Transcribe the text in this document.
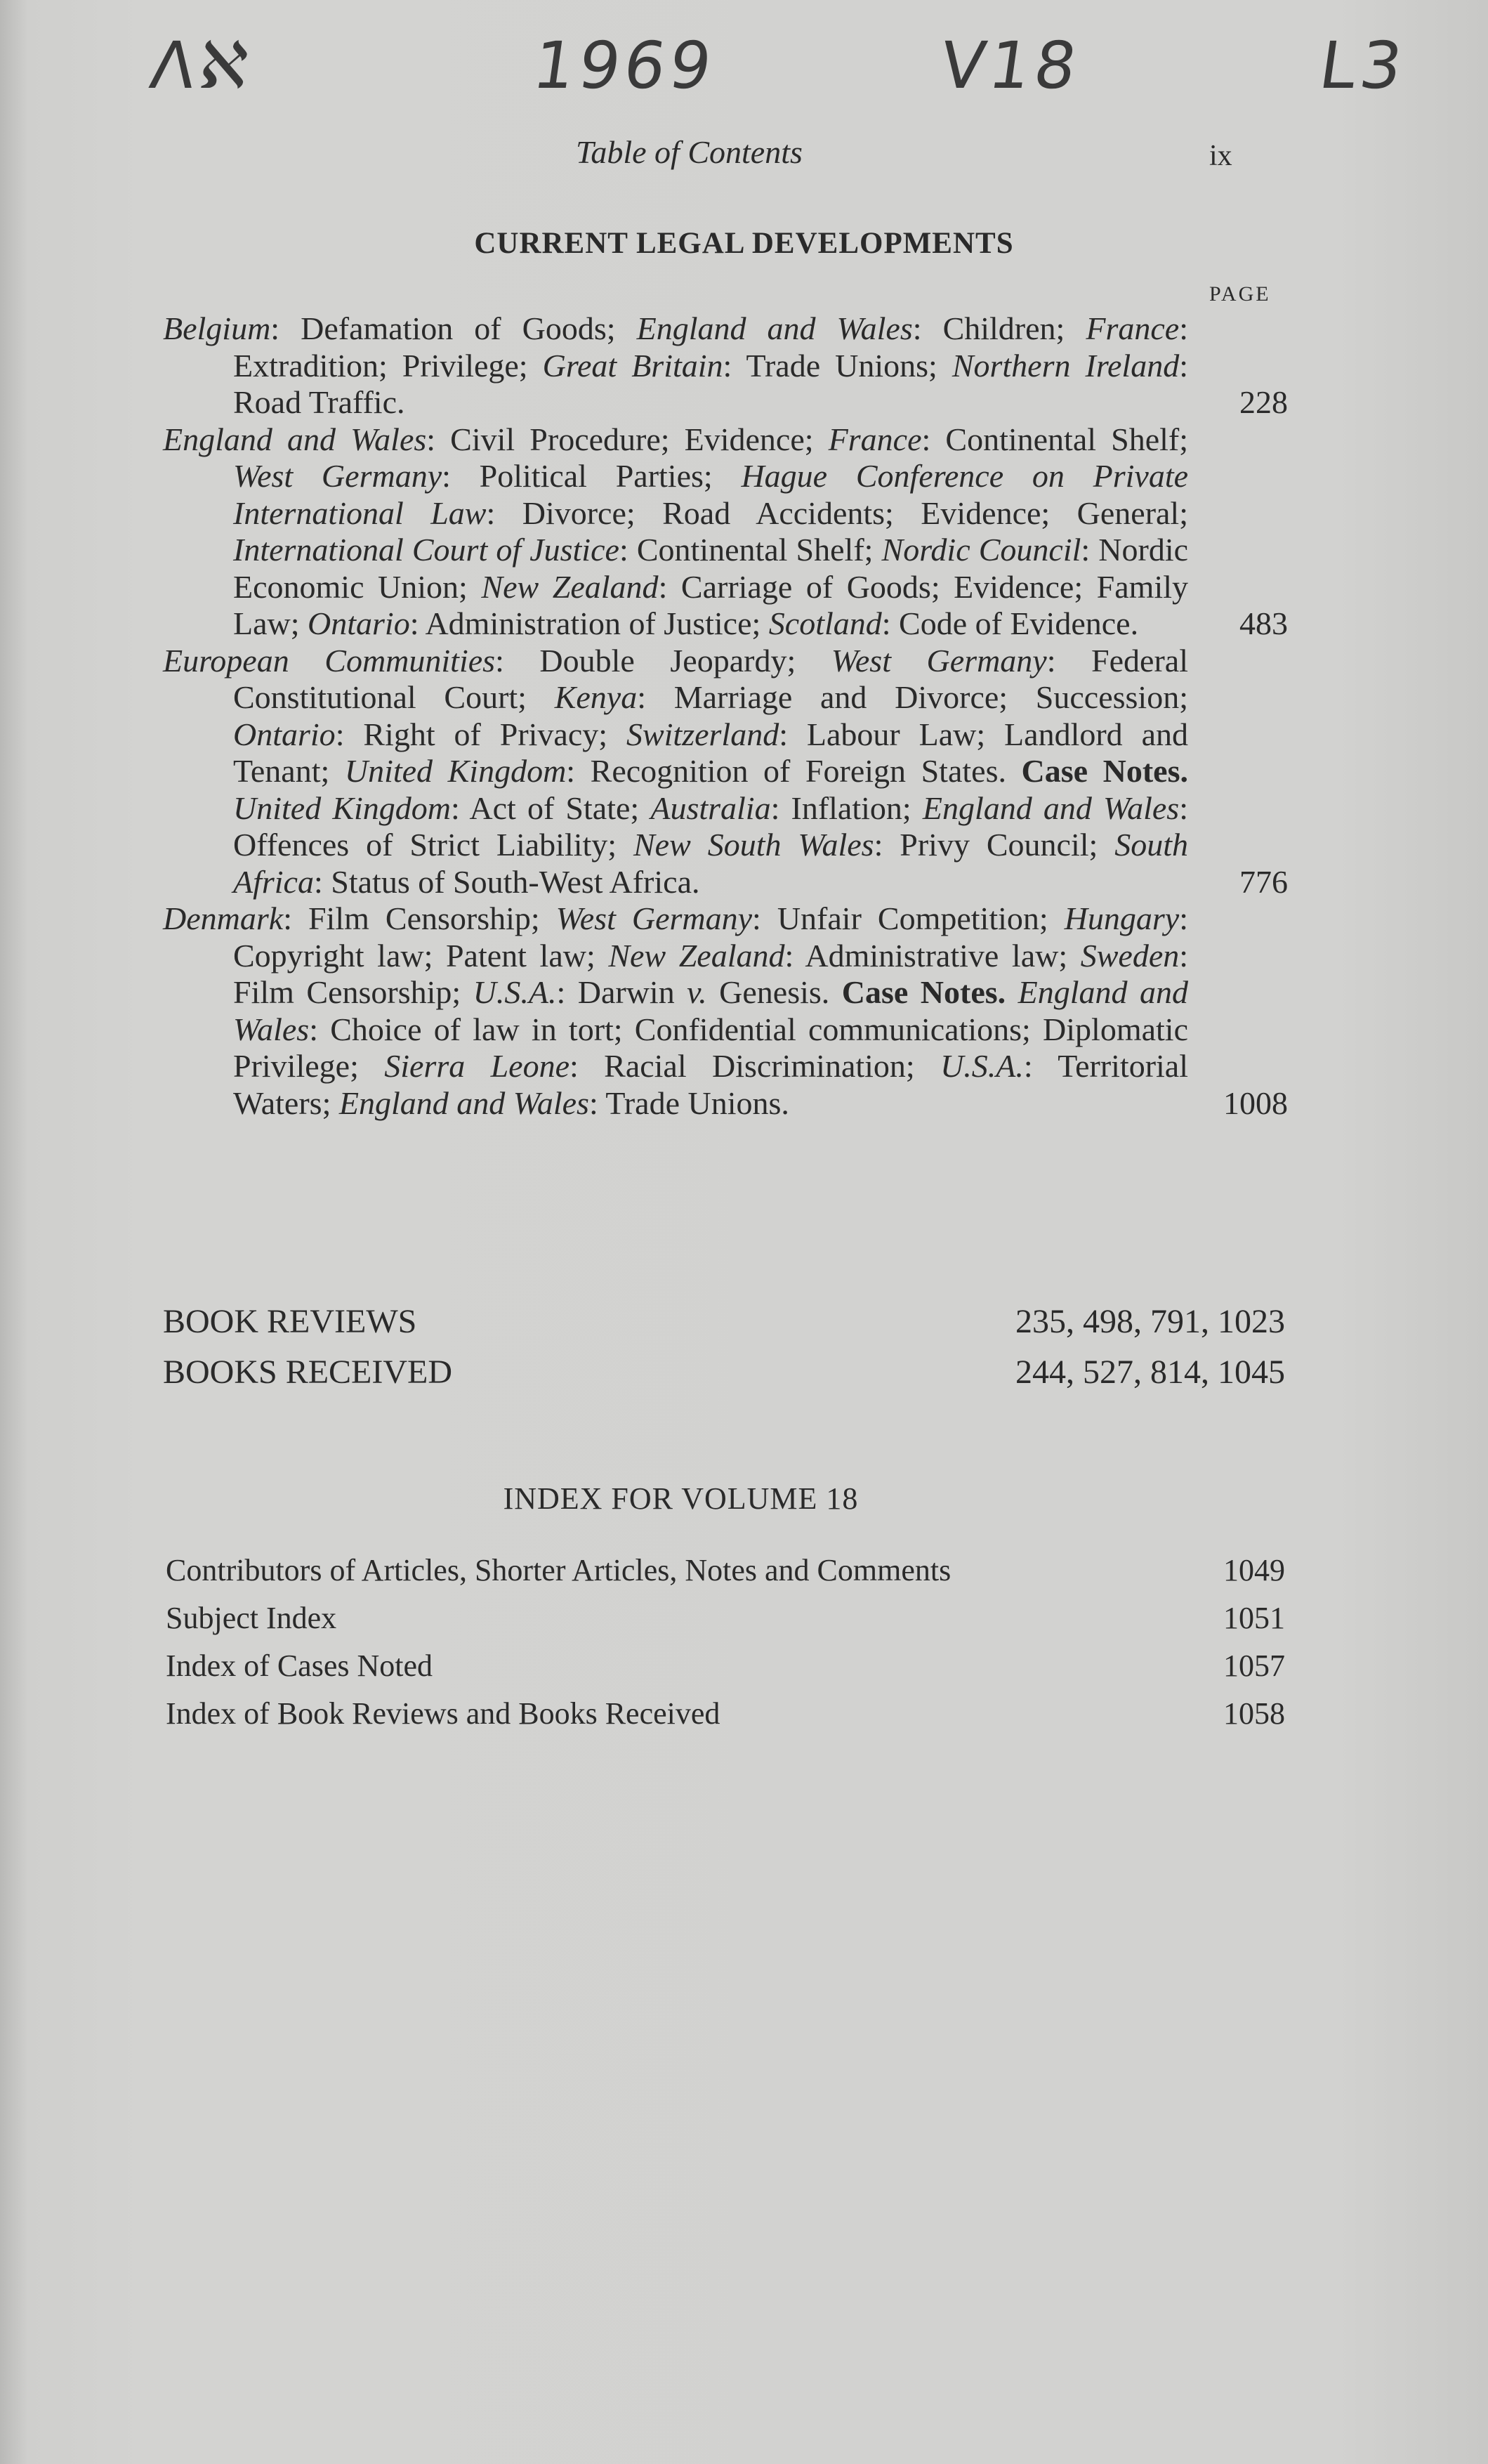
Λℵ	1969	V18	L3
Table of Contents	ix
CURRENT LEGAL DEVELOPMENTS
PAGE
Belgium: Defamation of Goods; England and Wales: Children; France: Extradition; Privilege; Great Britain: Trade Unions; Northern Ireland: Road Traffic.	228
England and Wales: Civil Procedure; Evidence; France: Continental Shelf; West Germany: Political Parties; Hague Conference on Private International Law: Divorce; Road Accidents; Evidence; General; International Court of Justice: Continental Shelf; Nordic Council: Nordic Economic Union; New Zealand: Carriage of Goods; Evidence; Family Law; Ontario: Administration of Justice; Scotland: Code of Evidence.	483
European Communities: Double Jeopardy; West Germany: Federal Constitutional Court; Kenya: Marriage and Divorce; Succession; Ontario: Right of Privacy; Switzerland: Labour Law; Landlord and Tenant; United Kingdom: Recognition of Foreign States. Case Notes. United Kingdom: Act of State; Australia: Inflation; England and Wales: Offences of Strict Liability; New South Wales: Privy Council; South Africa: Status of South-West Africa.	776
Denmark: Film Censorship; West Germany: Unfair Competition; Hungary: Copyright law; Patent law; New Zealand: Administrative law; Sweden: Film Censorship; U.S.A.: Darwin v. Genesis. Case Notes. England and Wales: Choice of law in tort; Confidential communications; Diplomatic Privilege; Sierra Leone: Racial Discrimination; U.S.A.: Territorial Waters; England and Wales: Trade Unions.	1008
BOOK REVIEWS	235, 498, 791, 1023
BOOKS RECEIVED	244, 527, 814, 1045
INDEX FOR VOLUME 18
Contributors of Articles, Shorter Articles, Notes and Comments	1049
Subject Index	1051
Index of Cases Noted	1057
Index of Book Reviews and Books Received	1058
